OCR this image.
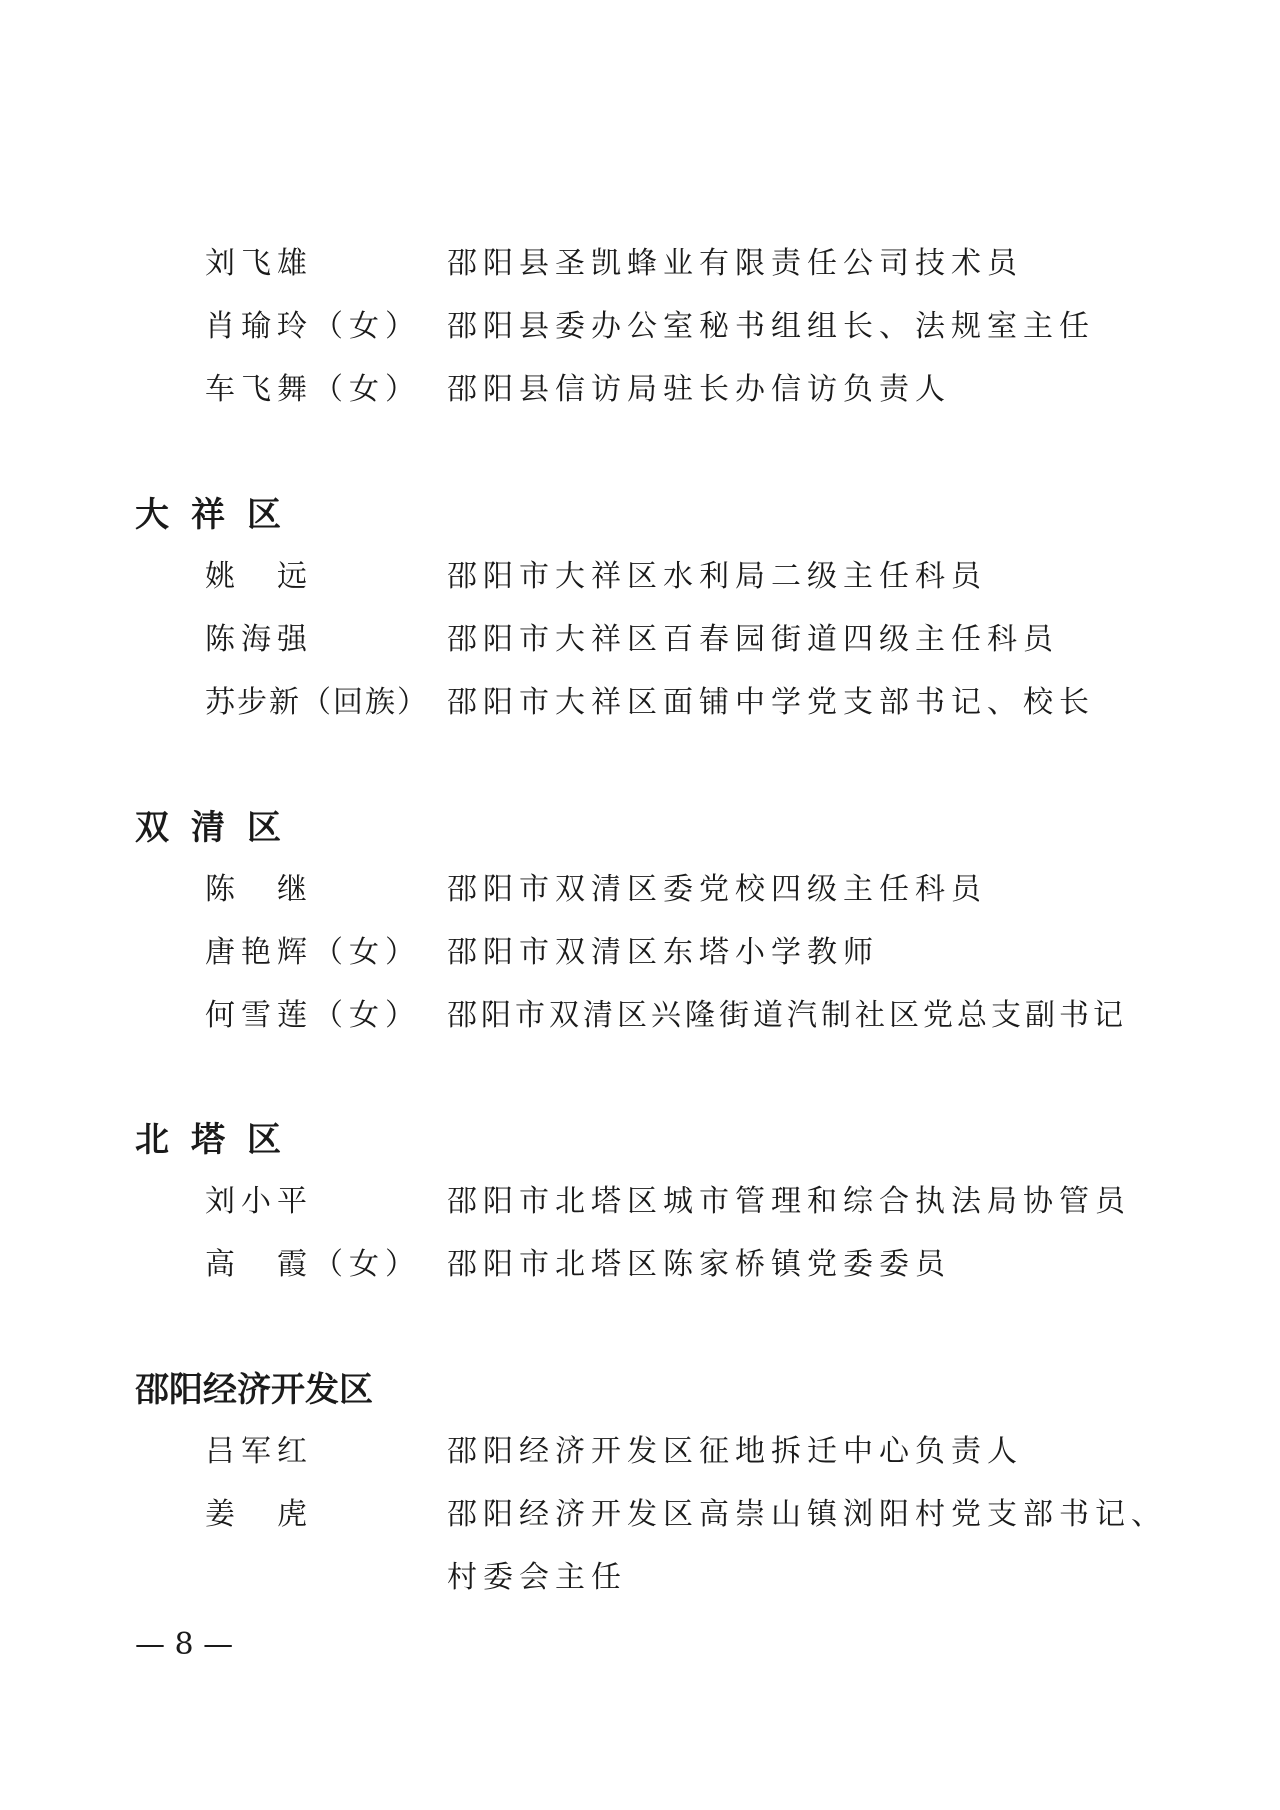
刘飞雄	邵阳县圣凯蜂业有限责任公司技术员
肖瑜玲（女） 邵阳县委办公室秘书组组长、法规室主任
车飞舞（女） 邵阳县信访局驻长办信访负责人
大祥区
姚　远	邵阳市大祥区水利局二级主任科员
陈海强	邵阳市大祥区百春园街道四级主任科员
苏步新（回族） 邵阳市大祥区面铺中学党支部书记、校长
双清区
陈　继	邵阳市双清区委党校四级主任科员
唐艳辉（女） 邵阳市双清区东塔小学教师
何雪莲（女） 邵阳市双清区兴隆街道汽制社区党总支副书记
北塔区
刘小平	邵阳市北塔区城市管理和综合执法局协管员
高　霞（女） 邵阳市北塔区陈家桥镇党委委员
邵阳经济开发区
吕军红	邵阳经济开发区征地拆迁中心负责人
姜　虎	邵阳经济开发区高崇山镇浏阳村党支部书记、
村委会主任
— 8 —
